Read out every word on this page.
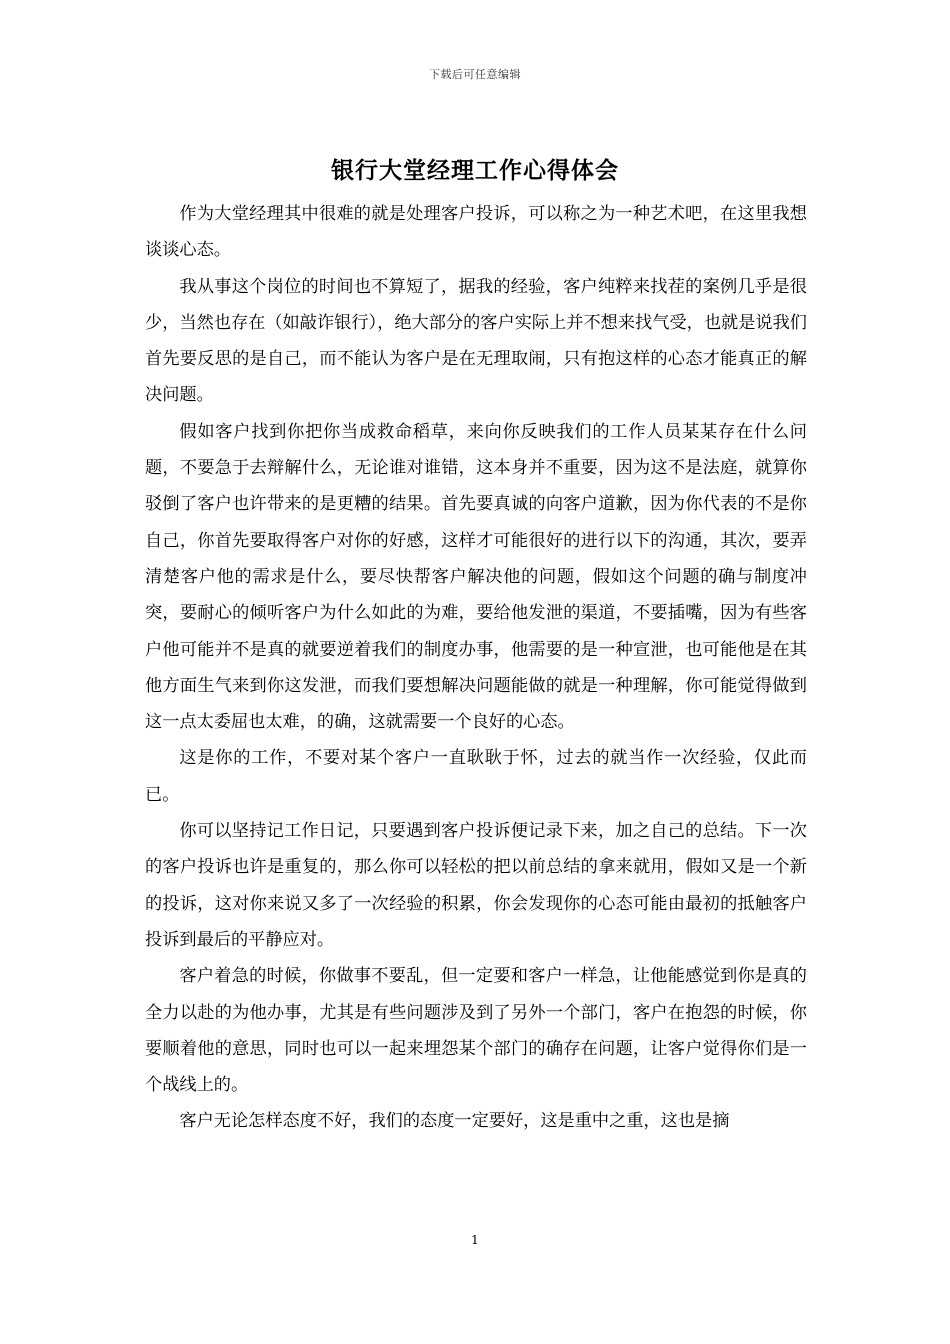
下载后可任意编辑
银行大堂经理工作心得体会

作为大堂经理其中很难的就是处理客户投诉，可以称之为一种艺术吧，在这里我想谈谈心态。

我从事这个岗位的时间也不算短了，据我的经验，客户纯粹来找茬的案例几乎是很少，当然也存在（如敲诈银行），绝大部分的客户实际上并不想来找气受，也就是说我们首先要反思的是自己，而不能认为客户是在无理取闹，只有抱这样的心态才能真正的解决问题。

假如客户找到你把你当成救命稻草，来向你反映我们的工作人员某某存在什么问题，不要急于去辩解什么，无论谁对谁错，这本身并不重要，因为这不是法庭，就算你驳倒了客户也许带来的是更糟的结果。首先要真诚的向客户道歉，因为你代表的不是你自己，你首先要取得客户对你的好感，这样才可能很好的进行以下的沟通，其次，要弄清楚客户他的需求是什么，要尽快帮客户解决他的问题，假如这个问题的确与制度冲突，要耐心的倾听客户为什么如此的为难，要给他发泄的渠道，不要插嘴，因为有些客户他可能并不是真的就要逆着我们的制度办事，他需要的是一种宣泄，也可能他是在其他方面生气来到你这发泄，而我们要想解决问题能做的就是一种理解，你可能觉得做到这一点太委屈也太难，的确，这就需要一个良好的心态。

这是你的工作，不要对某个客户一直耿耿于怀，过去的就当作一次经验，仅此而已。

你可以坚持记工作日记，只要遇到客户投诉便记录下来，加之自己的总结。下一次的客户投诉也许是重复的，那么你可以轻松的把以前总结的拿来就用，假如又是一个新的投诉，这对你来说又多了一次经验的积累，你会发现你的心态可能由最初的抵触客户投诉到最后的平静应对。

客户着急的时候，你做事不要乱，但一定要和客户一样急，让他能感觉到你是真的全力以赴的为他办事，尤其是有些问题涉及到了另外一个部门，客户在抱怨的时候，你要顺着他的意思，同时也可以一起来埋怨某个部门的确存在问题，让客户觉得你们是一个战线上的。

客户无论怎样态度不好，我们的态度一定要好，这是重中之重，这也是摘

1
